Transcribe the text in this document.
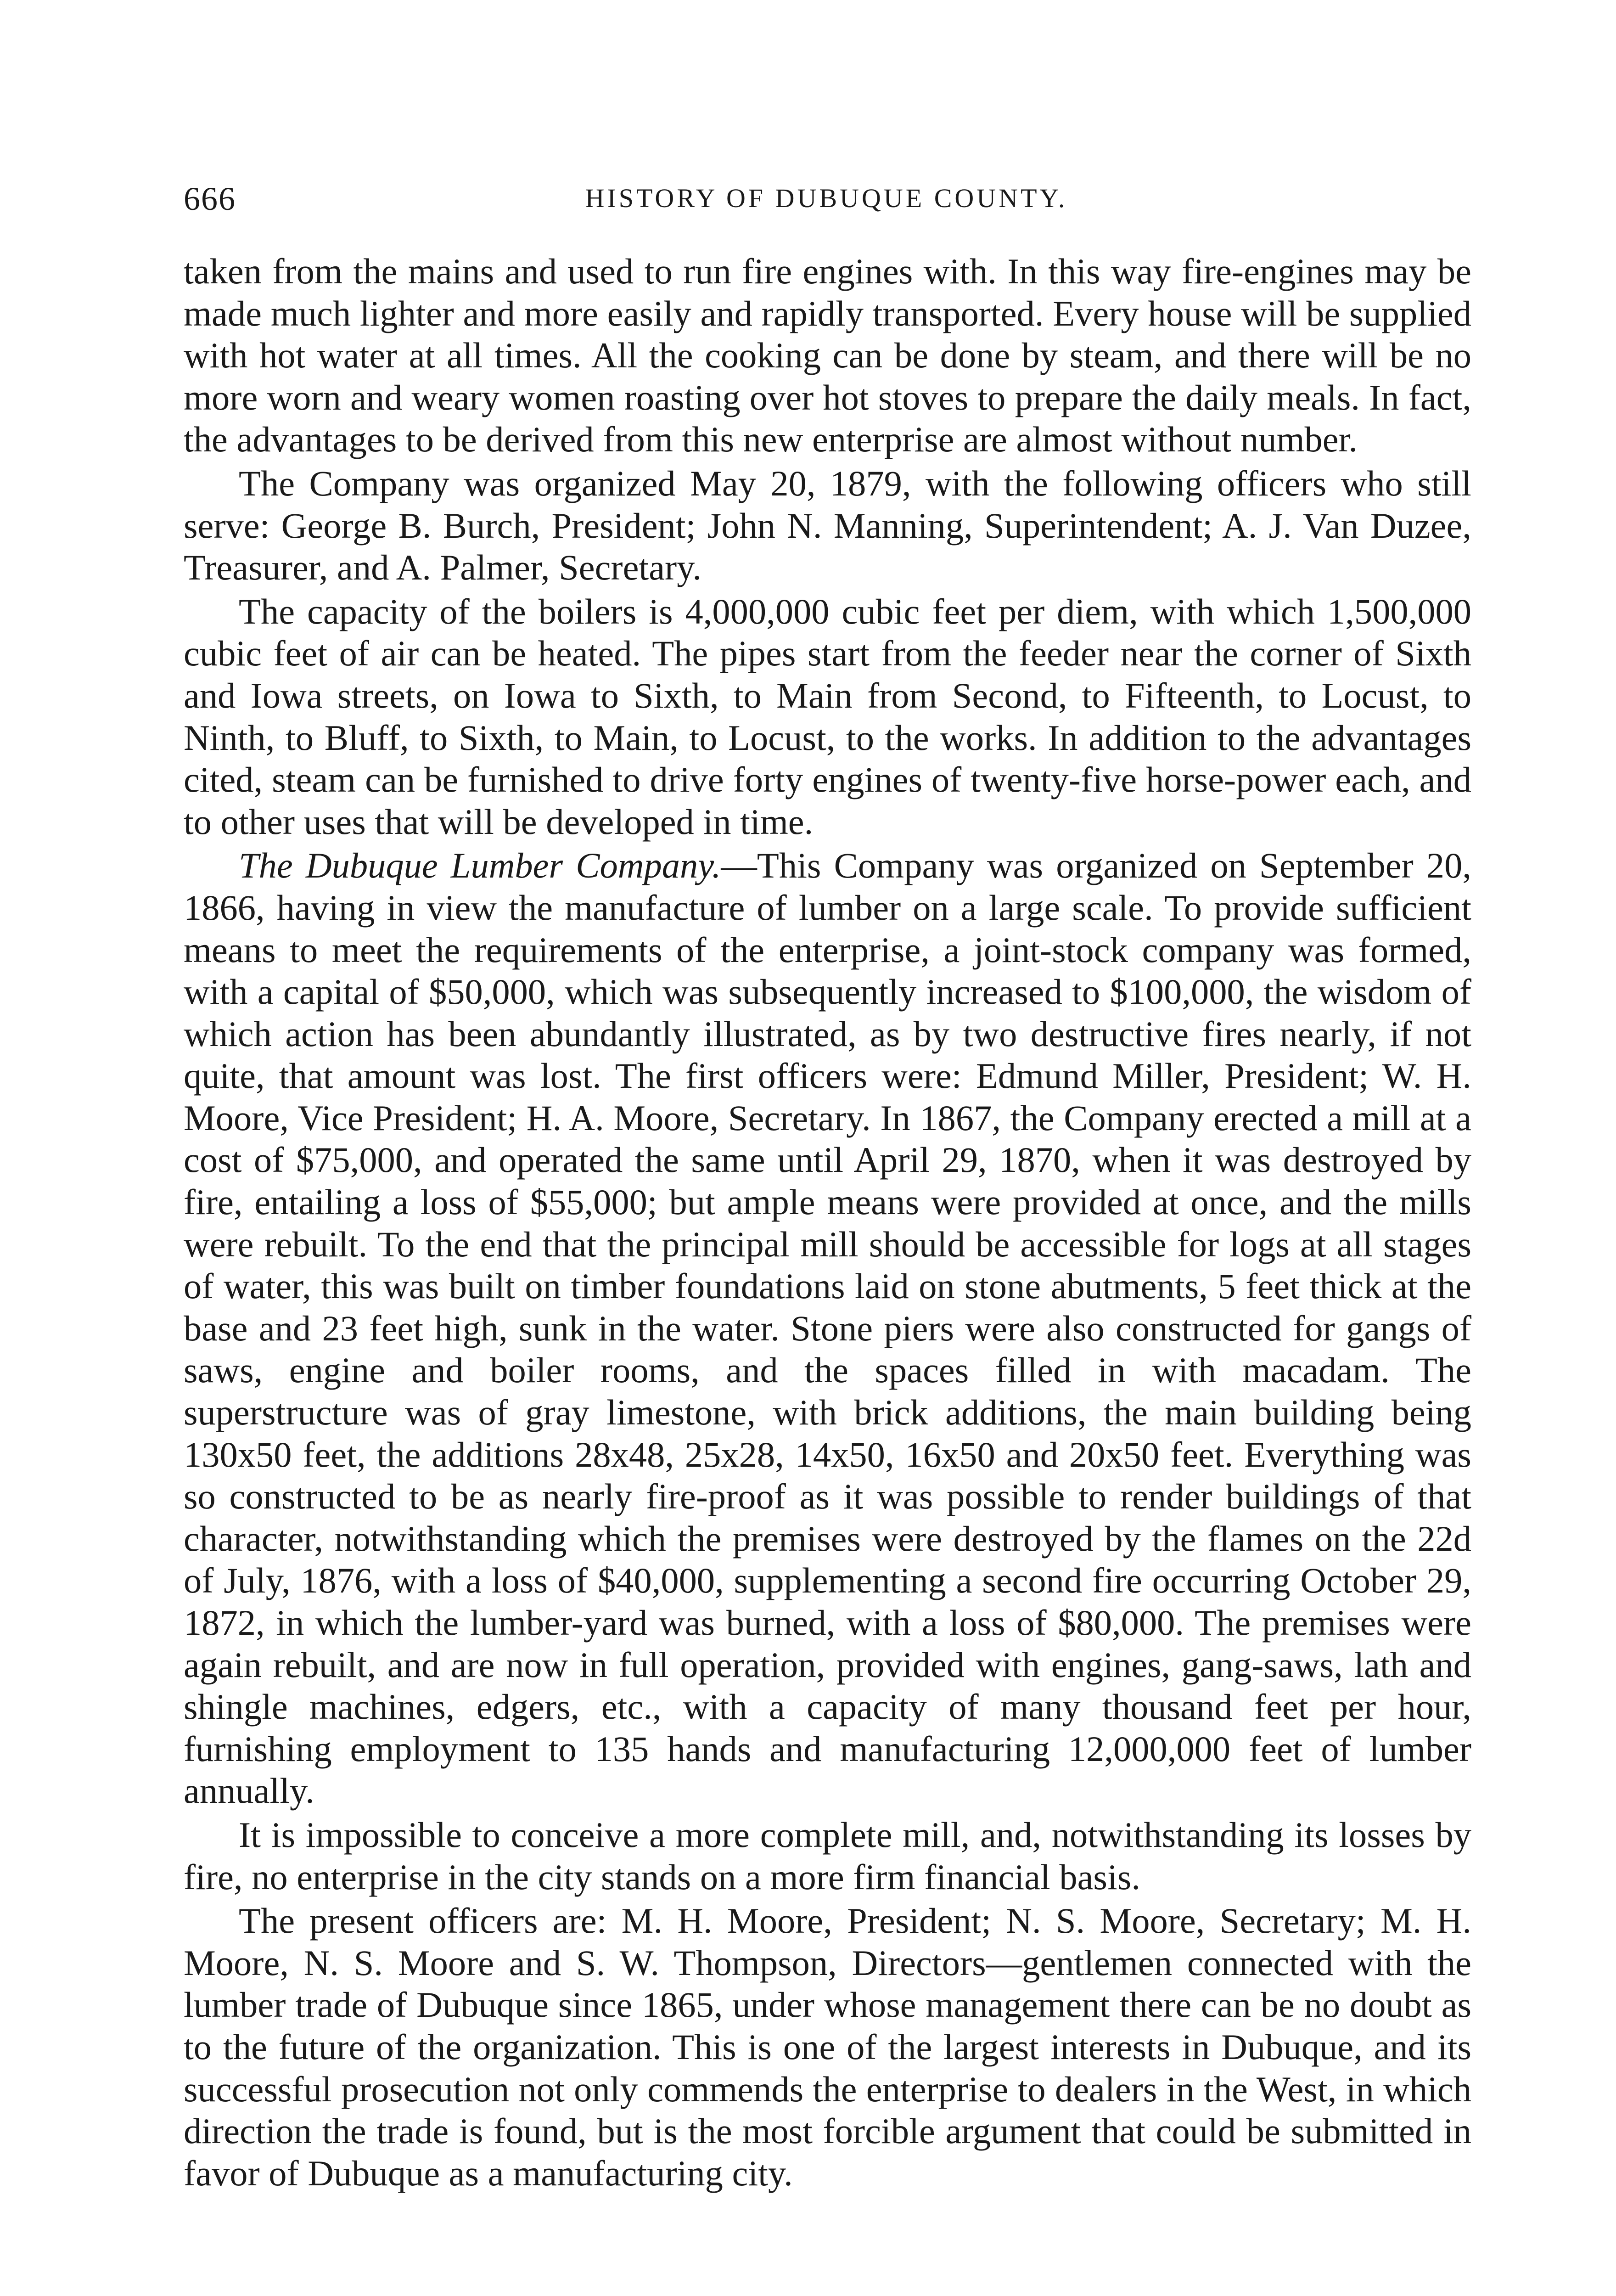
666	HISTORY OF DUBUQUE COUNTY.

taken from the mains and used to run fire engines with. In this way fire-engines may be made much lighter and more easily and rapidly transported. Every house will be supplied with hot water at all times. All the cooking can be done by steam, and there will be no more worn and weary women roasting over hot stoves to prepare the daily meals. In fact, the advantages to be derived from this new enterprise are almost without number.

The Company was organized May 20, 1879, with the following officers who still serve: George B. Burch, President; John N. Manning, Superintendent; A. J. Van Duzee, Treasurer, and A. Palmer, Secretary.

The capacity of the boilers is 4,000,000 cubic feet per diem, with which 1,500,000 cubic feet of air can be heated. The pipes start from the feeder near the corner of Sixth and Iowa streets, on Iowa to Sixth, to Main from Second, to Fifteenth, to Locust, to Ninth, to Bluff, to Sixth, to Main, to Locust, to the works. In addition to the advantages cited, steam can be furnished to drive forty engines of twenty-five horse-power each, and to other uses that will be developed in time.

The Dubuque Lumber Company.—This Company was organized on September 20, 1866, having in view the manufacture of lumber on a large scale. To provide sufficient means to meet the requirements of the enterprise, a joint-stock company was formed, with a capital of $50,000, which was subsequently increased to $100,000, the wisdom of which action has been abundantly illustrated, as by two destructive fires nearly, if not quite, that amount was lost. The first officers were: Edmund Miller, President; W. H. Moore, Vice President; H. A. Moore, Secretary. In 1867, the Company erected a mill at a cost of $75,000, and operated the same until April 29, 1870, when it was destroyed by fire, entailing a loss of $55,000; but ample means were provided at once, and the mills were rebuilt. To the end that the principal mill should be accessible for logs at all stages of water, this was built on timber foundations laid on stone abutments, 5 feet thick at the base and 23 feet high, sunk in the water. Stone piers were also constructed for gangs of saws, engine and boiler rooms, and the spaces filled in with macadam. The superstructure was of gray limestone, with brick additions, the main building being 130x50 feet, the additions 28x48, 25x28, 14x50, 16x50 and 20x50 feet. Everything was so constructed to be as nearly fire-proof as it was possible to render buildings of that character, notwithstanding which the premises were destroyed by the flames on the 22d of July, 1876, with a loss of $40,000, supplementing a second fire occurring October 29, 1872, in which the lumber-yard was burned, with a loss of $80,000. The premises were again rebuilt, and are now in full operation, provided with engines, gang-saws, lath and shingle machines, edgers, etc., with a capacity of many thousand feet per hour, furnishing employment to 135 hands and manufacturing 12,000,000 feet of lumber annually.

It is impossible to conceive a more complete mill, and, notwithstanding its losses by fire, no enterprise in the city stands on a more firm financial basis.

The present officers are: M. H. Moore, President; N. S. Moore, Secretary; M. H. Moore, N. S. Moore and S. W. Thompson, Directors—gentlemen connected with the lumber trade of Dubuque since 1865, under whose management there can be no doubt as to the future of the organization. This is one of the largest interests in Dubuque, and its successful prosecution not only commends the enterprise to dealers in the West, in which direction the trade is found, but is the most forcible argument that could be submitted in favor of Dubuque as a manufacturing city.
